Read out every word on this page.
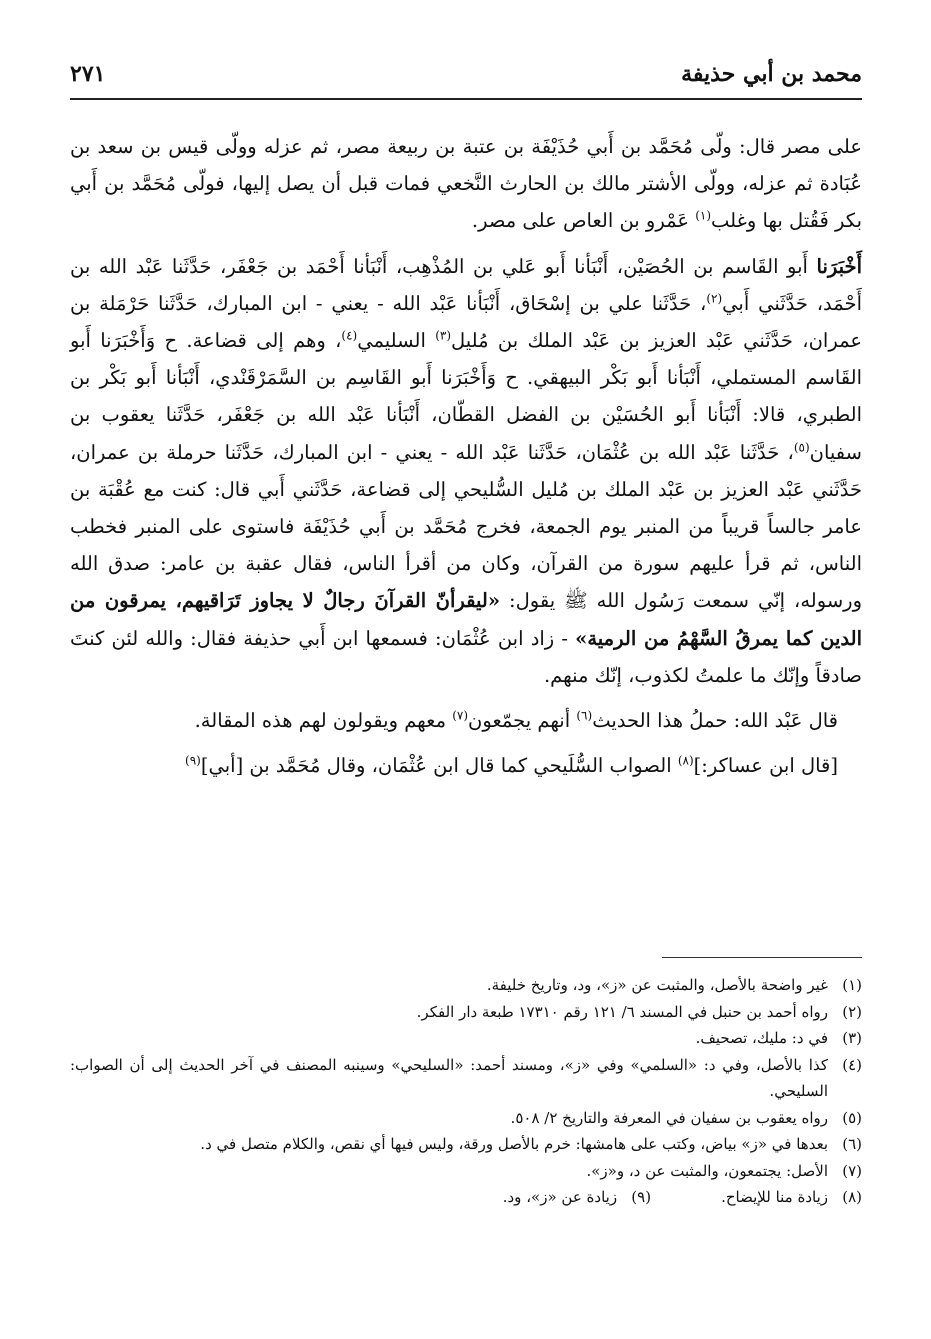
محمد بن أبي حذيفة
٢٧١

على مصر قال: ولّى مُحَمَّد بن أَبي حُذَيْفَة بن عتبة بن ربيعة مصر، ثم عزله وولّى قيس بن سعد بن عُبَادة ثم عزله، وولّى الأشتر مالك بن الحارث النَّخعي فمات قبل أن يصل إليها، فولّى مُحَمَّد بن أَبي بكر فَقُتل بها وغلب$^{(١)}$ عَمْرو بن العاص على مصر.

أَخْبَرَنا أَبو القَاسم بن الحُصَيْن، أَنْبَأنا أَبو عَلي بن المُذْهِب، أَنْبَأنا أَحْمَد بن جَعْفَر، حَدَّثَنا عَبْد الله بن أَحْمَد، حَدَّثَني أَبي$^{(٢)}$، حَدَّثَنا علي بن إسْحَاق، أَنْبَأنا عَبْد الله - يعني - ابن المبارك، حَدَّثَنا حَرْمَلة بن عمران، حَدَّثَني عَبْد العزيز بن عَبْد الملك بن مُليل$^{(٣)}$ السليمي$^{(٤)}$، وهم إلى قضاعة. ح وَأَخْبَرَنا أَبو القَاسم المستملي، أَنْبَأنا أَبو بَكْر البيهقي. ح وَأَخْبَرَنا أَبو القَاسِم بن السَّمَرْقَنْدي، أَنْبَأنا أَبو بَكْر بن الطبري، قالا: أَنْبَأنا أَبو الحُسَيْن بن الفضل القطّان، أَنْبَأنا عَبْد الله بن جَعْفَر، حَدَّثَنا يعقوب بن سفيان$^{(٥)}$، حَدَّثَنا عَبْد الله بن عُثْمَان، حَدَّثَنا عَبْد الله - يعني - ابن المبارك، حَدَّثَنا حرملة بن عمران، حَدَّثَني عَبْد العزيز بن عَبْد الملك بن مُليل السُّليحي إلى قضاعة، حَدَّثَني أَبي قال: كنت مع عُقْبَة بن عامر جالساً قريباً من المنبر يوم الجمعة، فخرج مُحَمَّد بن أَبي حُذَيْفَة فاستوى على المنبر فخطب الناس، ثم قرأ عليهم سورة من القرآن، وكان من أقرأ الناس، فقال عقبة بن عامر: صدق الله ورسوله، إنّي سمعت رَسُول الله ﷺ يقول: «ليقرأنّ القرآنَ رجالٌ لا يجاوز تَرَاقيهم، يمرقون من الدين كما يمرقُ السَّهْمُ من الرمية» - زاد ابن عُثْمَان: فسمعها ابن أَبي حذيفة فقال: والله لئن كنتَ صادقاً وإنّك ما علمتُ لكذوب، إنّك منهم.

قال عَبْد الله: حملُ هذا الحديث$^{(٦)}$ أنهم يجمّعون$^{(٧)}$ معهم ويقولون لهم هذه المقالة.

[قال ابن عساكر:]$^{(٨)}$ الصواب السُّلَيحي كما قال ابن عُثْمَان، وقال مُحَمَّد بن [أبي]$^{(٩)}$

(١)
غير واضحة بالأصل، والمثبت عن «ز»، ود، وتاريخ خليفة.
(٢)
رواه أحمد بن حنبل في المسند ٦/ ١٢١ رقم ١٧٣١٠ طبعة دار الفكر.
(٣)
في د: مليك، تصحيف.
(٤)
كذا بالأصل، وفي د: «السلمي» وفي «ز»، ومسند أحمد: «السليحي» وسينبه المصنف في آخر الحديث إلى أن الصواب: السليحي.
(٥)
رواه يعقوب بن سفيان في المعرفة والتاريخ ٢/ ٥٠٨.
(٦)
بعدها في «ز» بياض، وكتب على هامشها: خرم بالأصل ورقة، وليس فيها أي نقص، والكلام متصل في د.
(٧)
الأصل: يجتمعون، والمثبت عن د، و«ز».
(٨)
زيادة منا للإيضاح.
(٩)
زيادة عن «ز»، ود.
